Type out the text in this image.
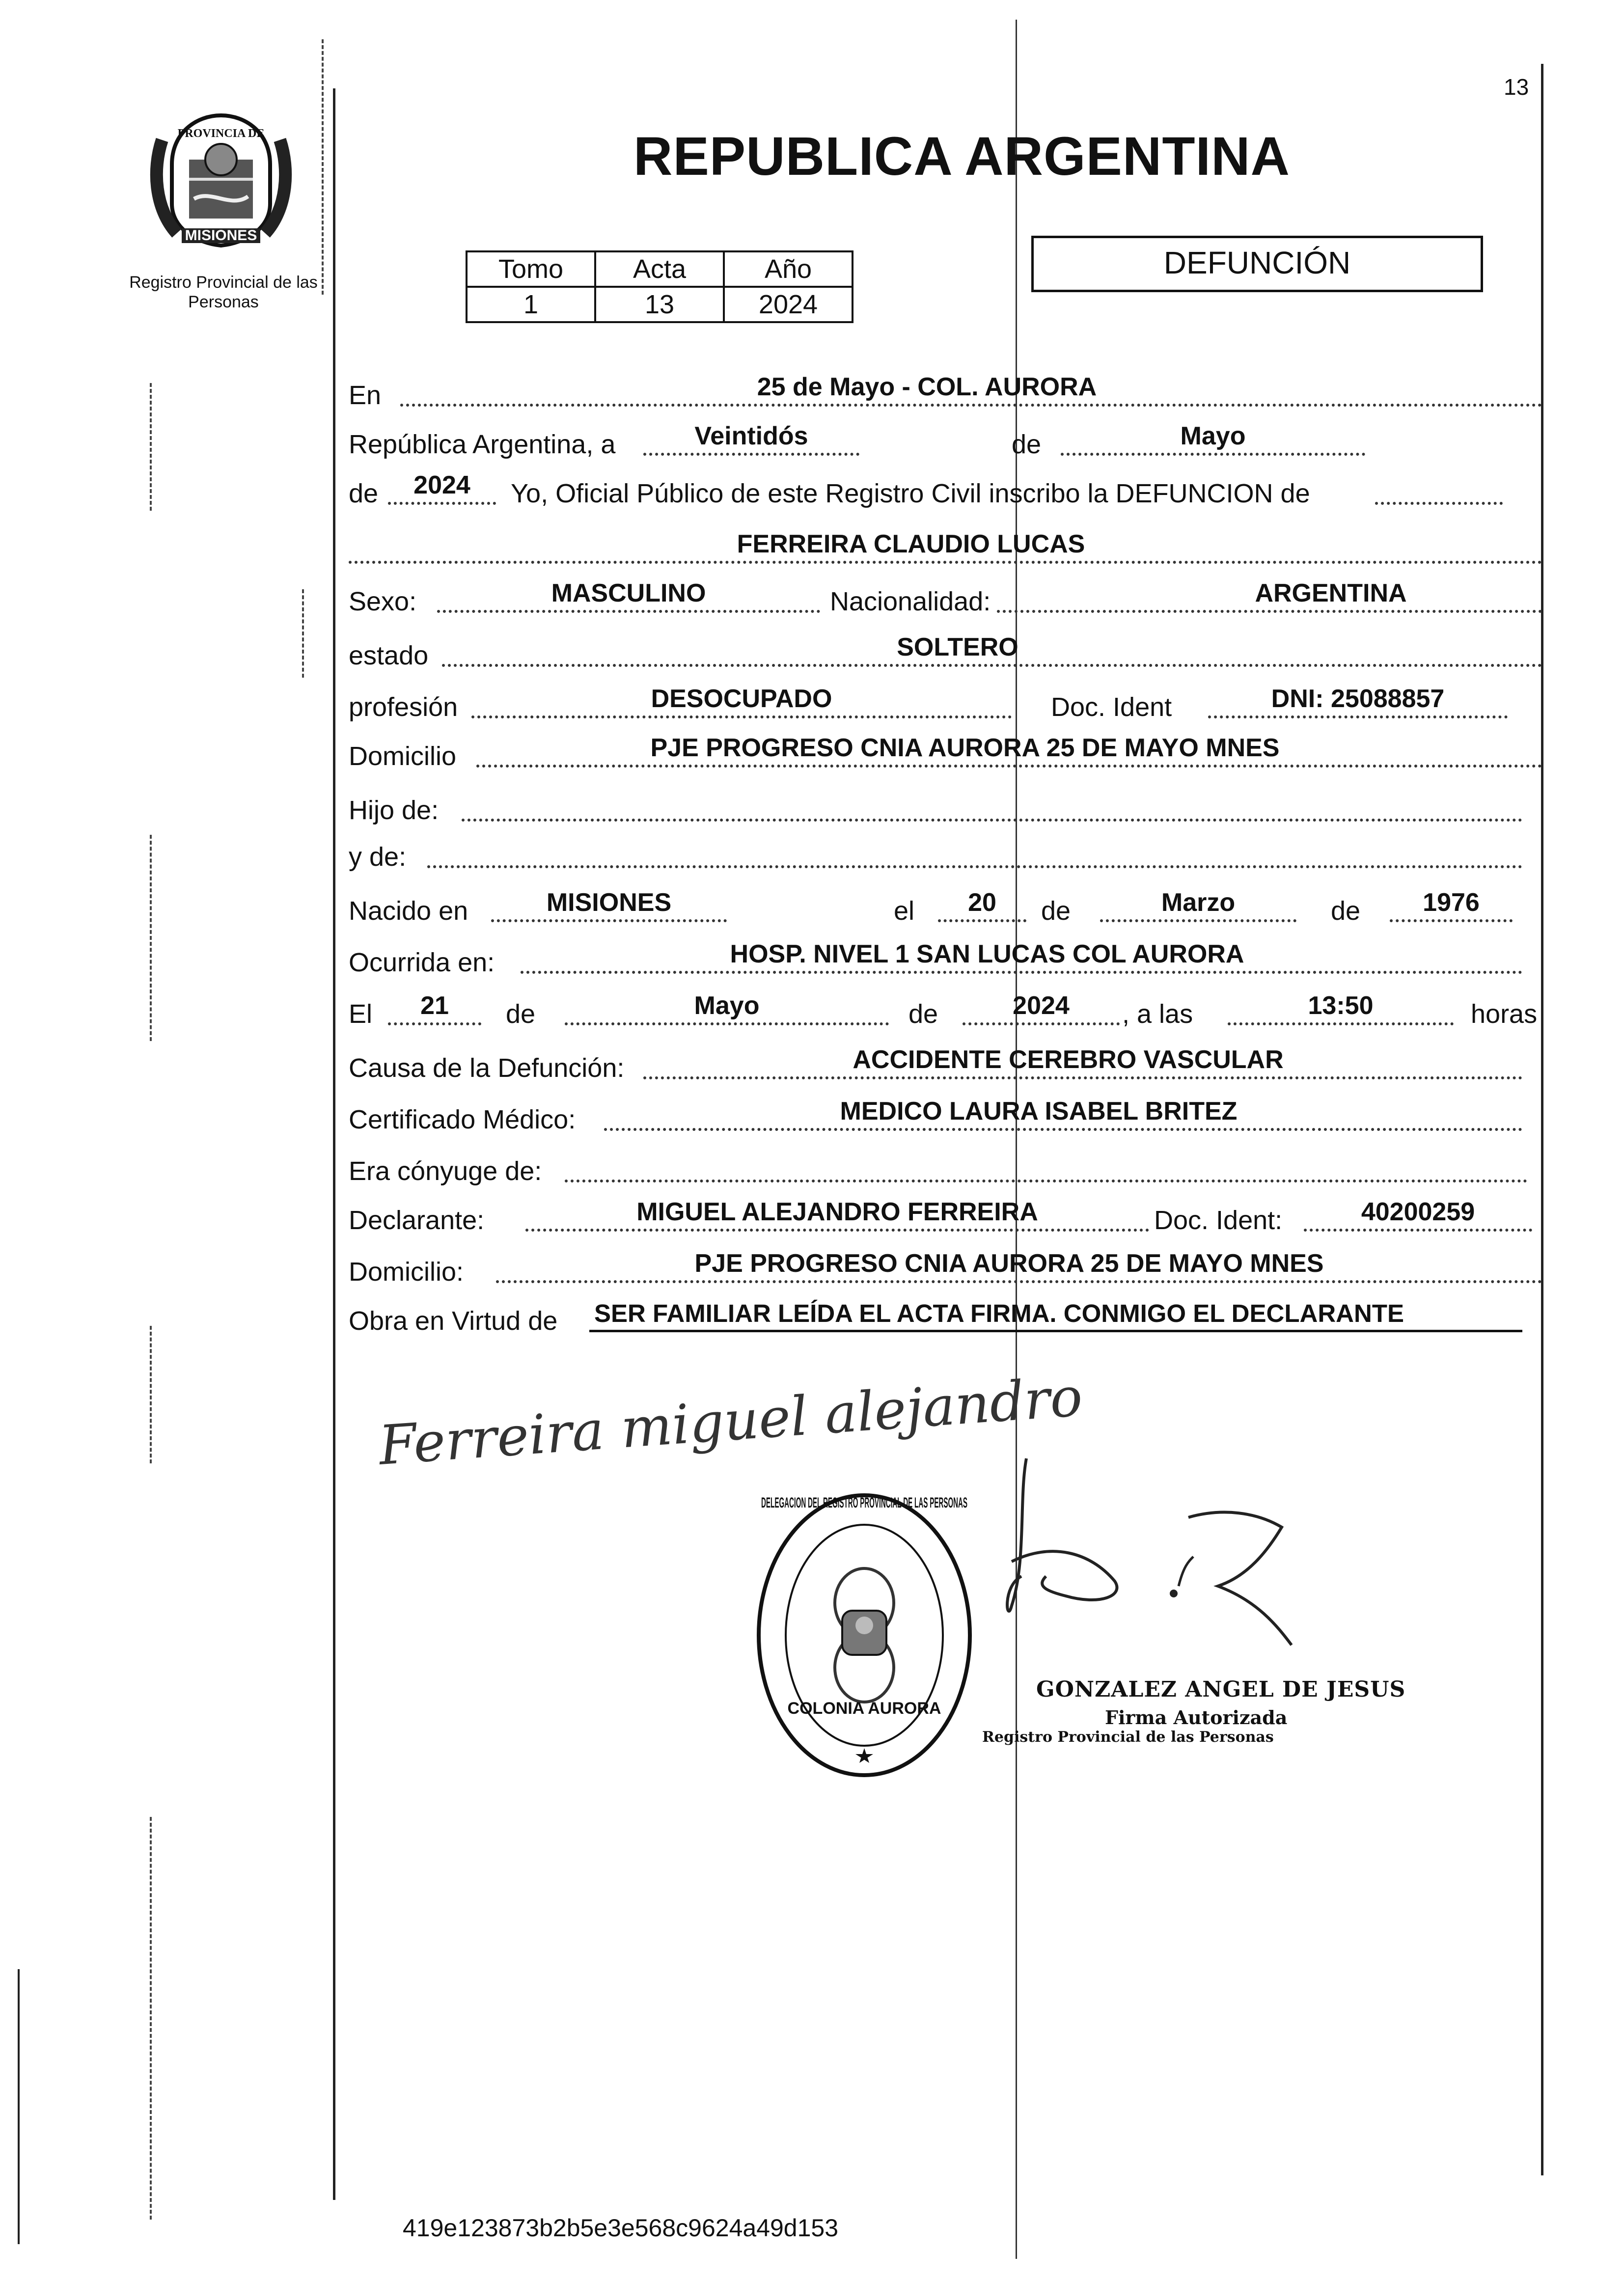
13
MISIONES
PROVINCIA DE
Registro Provincial de las Personas
REPUBLICA ARGENTINA
Tomo	Acta	Año
1	13	2024
DEFUNCIÓN
En	25 de Mayo - COL. AURORA
República Argentina, a	Veintidós	de	Mayo
de	2024	Yo, Oficial Público de este Registro Civil inscribo la DEFUNCION de
FERREIRA CLAUDIO LUCAS
Sexo:	MASCULINO	Nacionalidad:	ARGENTINA
estado	SOLTERO
profesión	DESOCUPADO	Doc. Ident	DNI: 25088857
Domicilio	PJE PROGRESO CNIA AURORA 25 DE MAYO MNES
Hijo de:
y de:
Nacido en	MISIONES	el	20	de	Marzo	de	1976
Ocurrida en:	HOSP. NIVEL 1 SAN LUCAS COL AURORA
El	21	de	Mayo	de	2024	, a las	13:50	horas
Causa de la Defunción:	ACCIDENTE CEREBRO VASCULAR
Certificado Médico:	MEDICO LAURA ISABEL BRITEZ
Era cónyuge de:
Declarante:	MIGUEL ALEJANDRO FERREIRA	Doc. Ident:	40200259
Domicilio:	PJE PROGRESO CNIA AURORA 25 DE MAYO MNES
Obra en Virtud de SER FAMILIAR LEÍDA EL ACTA FIRMA. CONMIGO EL DECLARANTE
Ferreira miguel alejandro
DELEGACION DEL REGISTRO PROVINCIAL DE LAS PERSONAS
COLONIA AURORA
GONZALEZ ANGEL DE JESUS
Firma Autorizada
Registro Provincial de las Personas
419e123873b2b5e3e568c9624a49d153
